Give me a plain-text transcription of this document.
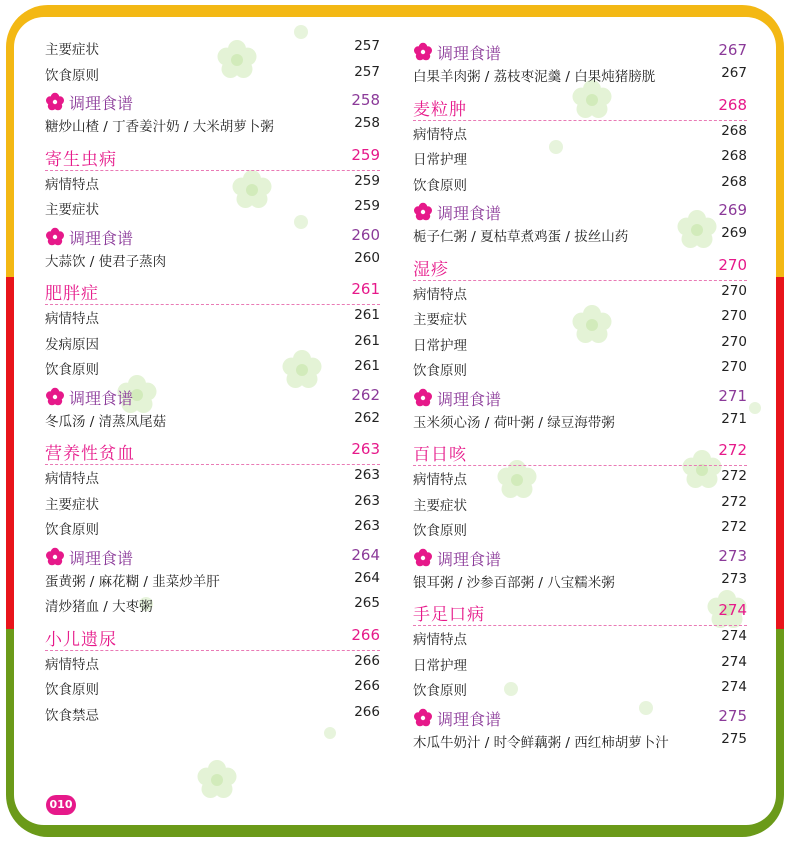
主要症状	257
饮食原则	257
调理食谱	258
糖炒山楂 / 丁香姜汁奶 / 大米胡萝卜粥	258
寄生虫病	259
病情特点	259
主要症状	259
调理食谱	260
大蒜饮 / 使君子蒸肉	260
肥胖症	261
病情特点	261
发病原因	261
饮食原则	261
调理食谱	262
冬瓜汤 / 清蒸凤尾菇	262
营养性贫血	263
病情特点	263
主要症状	263
饮食原则	263
调理食谱	264
蛋黄粥 / 麻花糊 / 韭菜炒羊肝	264
清炒猪血 / 大枣粥	265
小儿遗尿	266
病情特点	266
饮食原则	266
饮食禁忌	266
调理食谱	267
白果羊肉粥 / 荔枝枣泥羹 / 白果炖猪膀胱	267
麦粒肿	268
病情特点	268
日常护理	268
饮食原则	268
调理食谱	269
栀子仁粥 / 夏枯草煮鸡蛋 / 拔丝山药	269
湿疹	270
病情特点	270
主要症状	270
日常护理	270
饮食原则	270
调理食谱	271
玉米须心汤 / 荷叶粥 / 绿豆海带粥	271
百日咳	272
病情特点	272
主要症状	272
饮食原则	272
调理食谱	273
银耳粥 / 沙参百部粥 / 八宝糯米粥	273
手足口病	274
病情特点	274
日常护理	274
饮食原则	274
调理食谱	275
木瓜牛奶汁 / 时令鲜藕粥 / 西红柿胡萝卜汁	275
010
